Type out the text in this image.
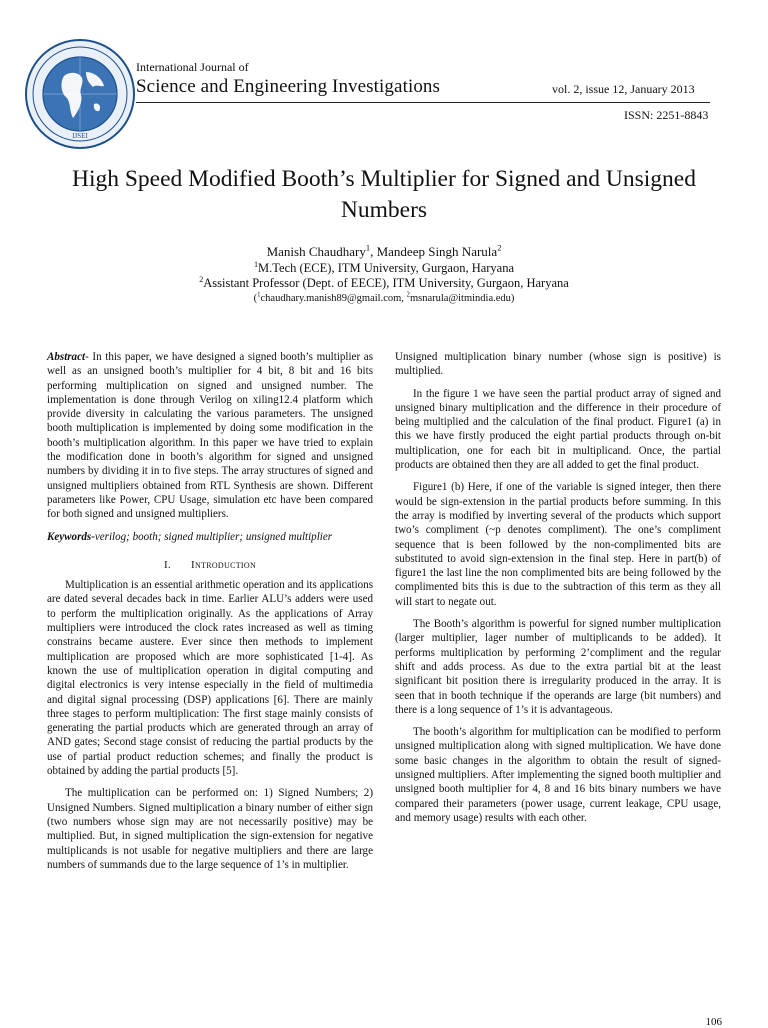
IJSEI
International Journal of
Science and Engineering Investigations	vol. 2, issue 12, January 2013
ISSN: 2251-8843
High Speed Modified Booth’s Multiplier for Signed and Unsigned Numbers
Manish Chaudhary$^1$, Mandeep Singh Narula$^2$
$^1$M.Tech (ECE), ITM University, Gurgaon, Haryana
$^2$Assistant Professor (Dept. of EECE), ITM University, Gurgaon, Haryana
($^1$chaudhary.manish89@gmail.com, $^2$msnarula@itmindia.edu)

Abstract- In this paper, we have designed a signed booth’s multiplier as well as an unsigned booth’s multiplier for 4 bit, 8 bit and 16 bits performing multiplication on signed and unsigned number. The implementation is done through Verilog on xiling12.4 platform which provide diversity in calculating the various parameters. The unsigned booth multiplication is implemented by doing some modification in the booth’s multiplication algorithm. In this paper we have tried to explain the modification done in booth’s algorithm for signed and unsigned numbers by dividing it in to five steps. The array structures of signed and unsigned multipliers obtained from RTL Synthesis are shown. Different parameters like Power, CPU Usage, simulation etc have been compared for both signed and unsigned multipliers.

Keywords-verilog; booth; signed multiplier; unsigned multiplier

I. Introduction

Multiplication is an essential arithmetic operation and its applications are dated several decades back in time. Earlier ALU’s adders were used to perform the multiplication originally. As the applications of Array multipliers were introduced the clock rates increased as well as timing constrains became austere. Ever since then methods to implement multiplication are proposed which are more sophisticated [1-4]. As known the use of multiplication operation in digital computing and digital electronics is very intense especially in the field of multimedia and digital signal processing (DSP) applications [6]. There are mainly three stages to perform multiplication: The first stage mainly consists of generating the partial products which are generated through an array of AND gates; Second stage consist of reducing the partial products by the use of partial product reduction schemes; and finally the product is obtained by adding the partial products [5].

The multiplication can be performed on: 1) Signed Numbers; 2) Unsigned Numbers. Signed multiplication a binary number of either sign (two numbers whose sign may are not necessarily positive) may be multiplied. But, in signed multiplication the sign-extension for negative multiplicands is not usable for negative multipliers and there are large numbers of summands due to the large sequence of 1’s in multiplier.

Unsigned multiplication binary number (whose sign is positive) is multiplied.

In the figure 1 we have seen the partial product array of signed and unsigned binary multiplication and the difference in their procedure of being multiplied and the calculation of the final product. Figure1 (a) in this we have firstly produced the eight partial products through on-bit multiplication, one for each bit in multiplicand. Once, the partial products are obtained then they are all added to get the final product.

Figure1 (b) Here, if one of the variable is signed integer, then there would be sign-extension in the partial products before summing. In this the array is modified by inverting several of the products which support two’s compliment (~p denotes compliment). The one’s compliment sequence that is been followed by the non-complimented bits are substituted to avoid sign-extension in the final step. Here in part(b) of figure1 the last line the non complimented bits are being followed by the complimented bits this is due to the subtraction of this term as they all will start to negate out.

The Booth’s algorithm is powerful for signed number multiplication (larger multiplier, lager number of multiplicands to be added). It performs multiplication by performing 2’compliment and the regular shift and adds process. As due to the extra partial bit at the least significant bit position there is irregularity produced in the array. It is seen that in booth technique if the operands are large (bit numbers) and there is a long sequence of 1’s it is advantageous.

The booth’s algorithm for multiplication can be modified to perform unsigned multiplication along with signed multiplication. We have done some basic changes in the algorithm to obtain the result of signed-unsigned multipliers. After implementing the signed booth multiplier and unsigned booth multiplier for 4, 8 and 16 bits binary numbers we have compared their parameters (power usage, current leakage, CPU usage, and memory usage) results with each other.

106
